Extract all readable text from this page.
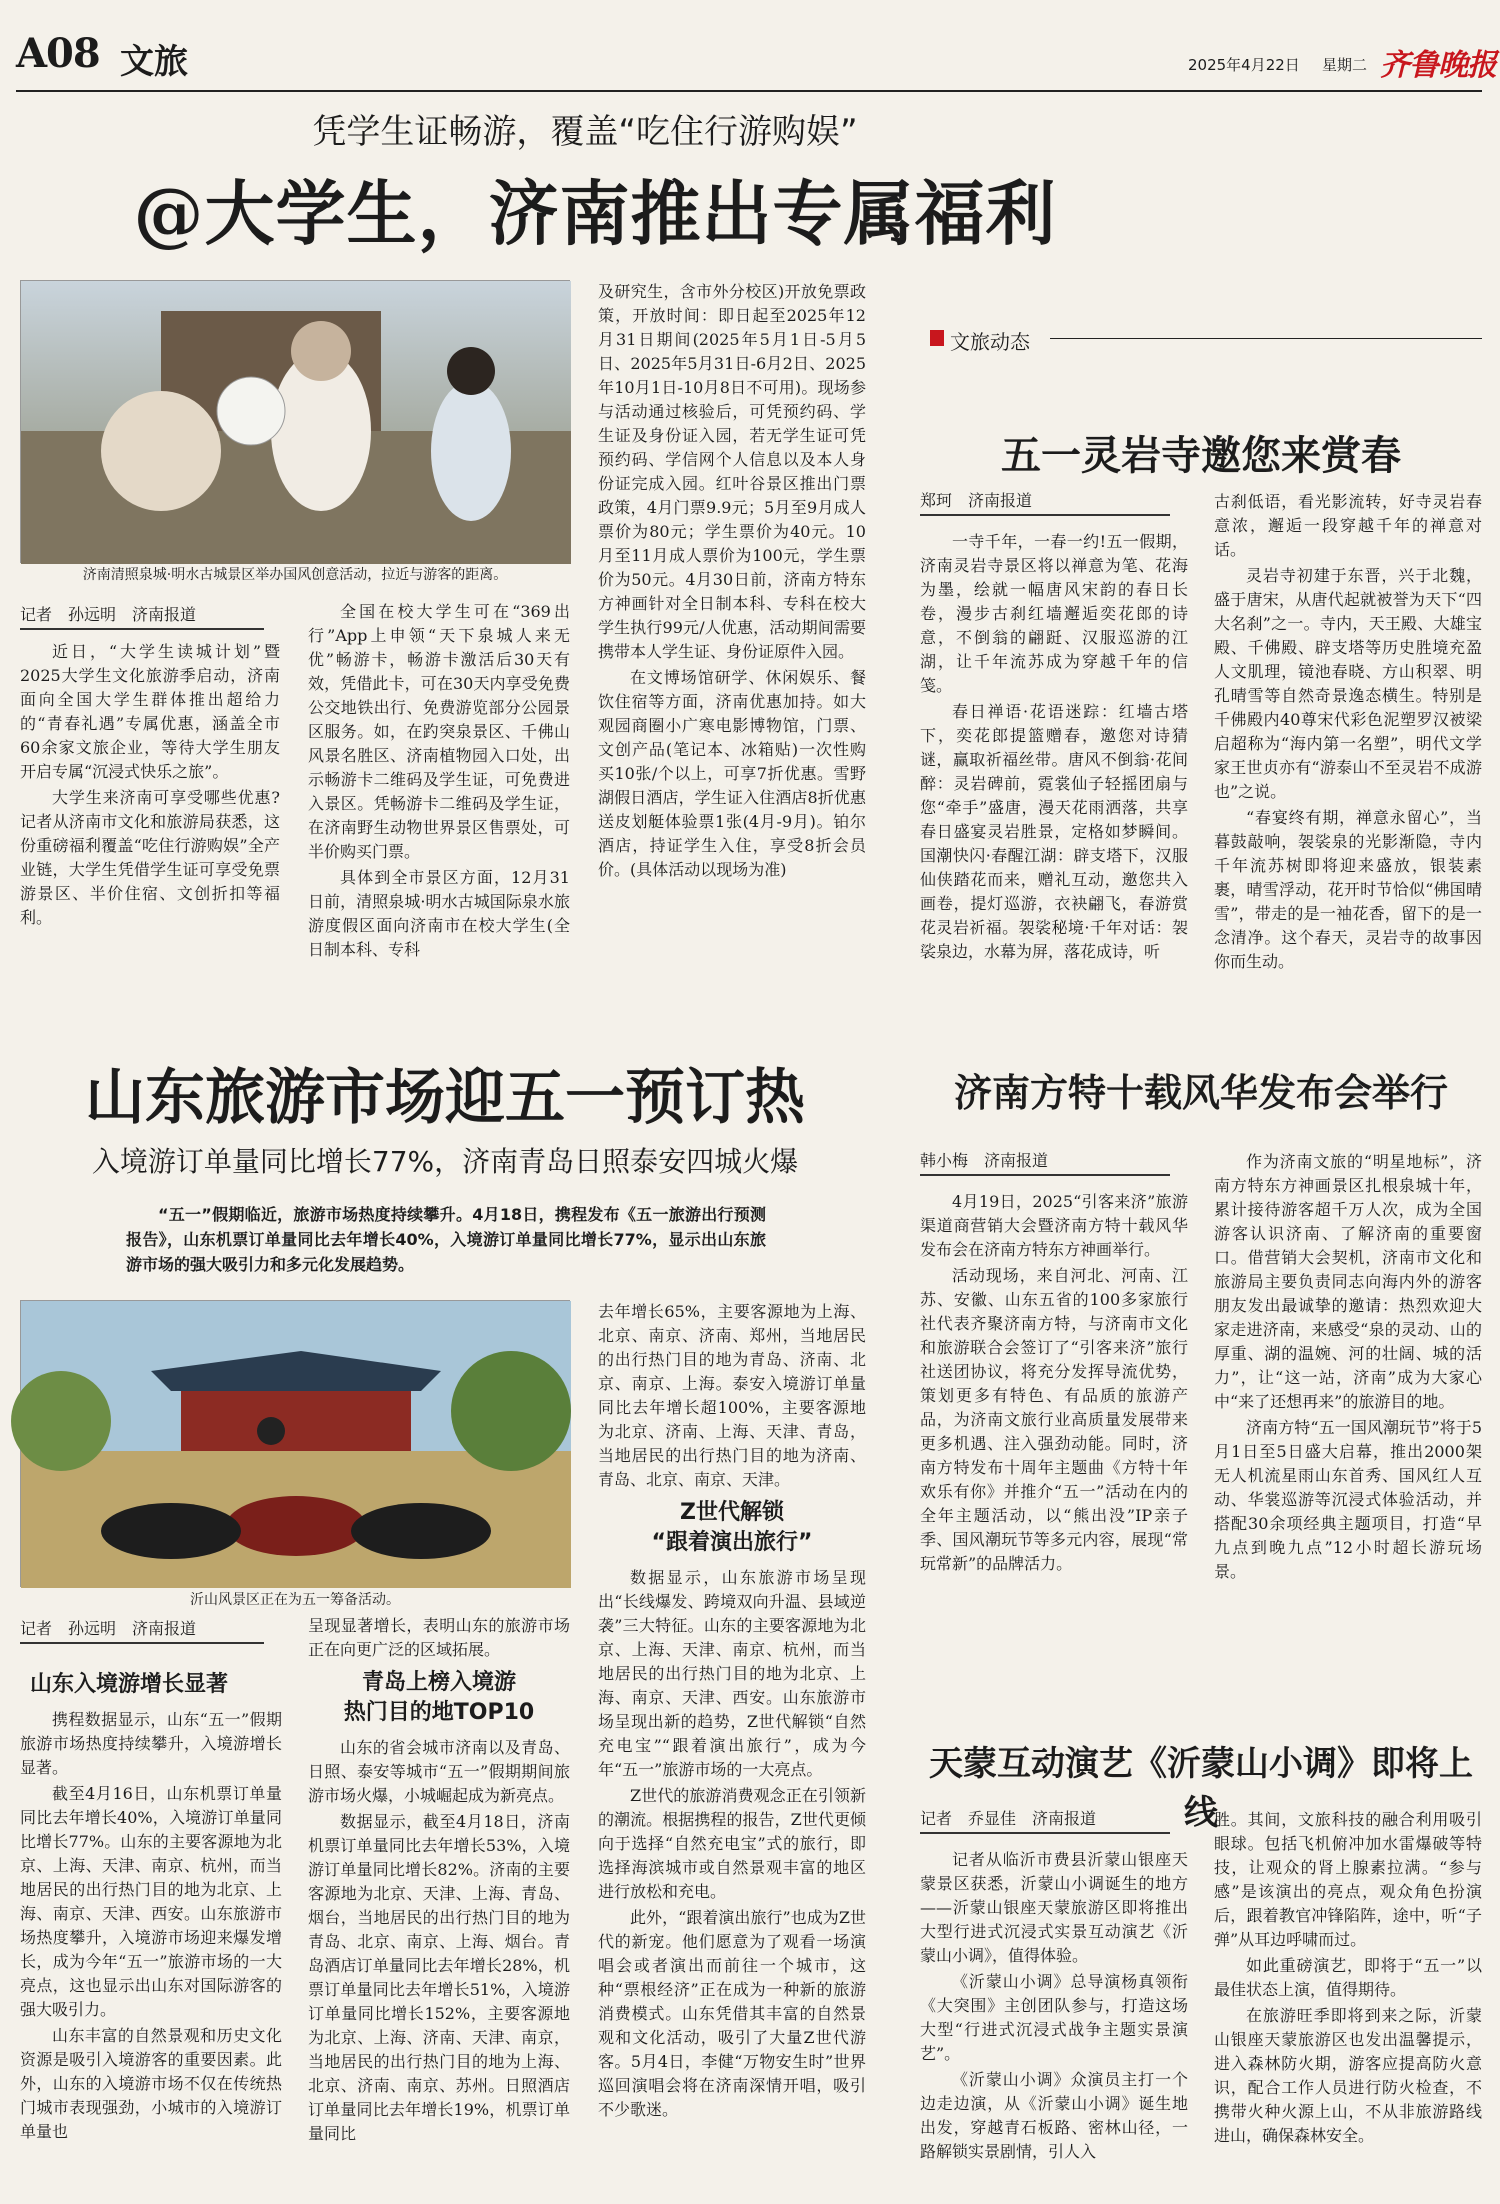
A08 文旅	2025年4月22日 星期二 齐鲁晚报
凭学生证畅游，覆盖“吃住行游购娱”
@大学生，济南推出专属福利
济南清照泉城·明水古城景区举办国风创意活动，拉近与游客的距离。
记者　孙远明　济南报道

近日，“大学生读城计划”暨2025大学生文化旅游季启动，济南面向全国大学生群体推出超给力的“青春礼遇”专属优惠，涵盖全市60余家文旅企业，等待大学生朋友开启专属“沉浸式快乐之旅”。

大学生来济南可享受哪些优惠?记者从济南市文化和旅游局获悉，这份重磅福利覆盖“吃住行游购娱”全产业链，大学生凭借学生证可享受免票游景区、半价住宿、文创折扣等福利。

全国在校大学生可在“369出行”App上申领“天下泉城人来无优”畅游卡，畅游卡激活后30天有效，凭借此卡，可在30天内享受免费公交地铁出行、免费游览部分公园景区服务。如，在趵突泉景区、千佛山风景名胜区、济南植物园入口处，出示畅游卡二维码及学生证，可免费进入景区。凭畅游卡二维码及学生证，在济南野生动物世界景区售票处，可半价购买门票。

具体到全市景区方面，12月31日前，清照泉城·明水古城国际泉水旅游度假区面向济南市在校大学生(全日制本科、专科

及研究生，含市外分校区)开放免票政策，开放时间：即日起至2025年12月31日期间(2025年5月1日-5月5日、2025年5月31日-6月2日、2025年10月1日-10月8日不可用)。现场参与活动通过核验后，可凭预约码、学生证及身份证入园，若无学生证可凭预约码、学信网个人信息以及本人身份证完成入园。红叶谷景区推出门票政策，4月门票9.9元；5月至9月成人票价为80元；学生票价为40元。10月至11月成人票价为100元，学生票价为50元。4月30日前，济南方特东方神画针对全日制本科、专科在校大学生执行99元/人优惠，活动期间需要携带本人学生证、身份证原件入园。

在文博场馆研学、休闲娱乐、餐饮住宿等方面，济南优惠加持。如大观园商圈小广寒电影博物馆，门票、文创产品(笔记本、冰箱贴)一次性购买10张/个以上，可享7折优惠。雪野湖假日酒店，学生证入住酒店8折优惠送皮划艇体验票1张(4月-9月)。铂尔酒店，持证学生入住，享受8折会员价。(具体活动以现场为准)

文旅动态
五一灵岩寺邀您来赏春
郑珂　济南报道

一寺千年，一春一约!五一假期，济南灵岩寺景区将以禅意为笔、花海为墨，绘就一幅唐风宋韵的春日长卷，漫步古刹红墙邂逅奕花郎的诗意，不倒翁的翩跹、汉服巡游的江湖，让千年流苏成为穿越千年的信笺。

春日禅语·花语迷踪：红墙古塔下，奕花郎提篮赠春，邀您对诗猜谜，赢取祈福丝带。唐风不倒翁·花间醉：灵岩碑前，霓裳仙子轻摇团扇与您“牵手”盛唐，漫天花雨洒落，共享春日盛宴灵岩胜景，定格如梦瞬间。国潮快闪·春醒江湖：辟支塔下，汉服仙侠踏花而来，赠礼互动，邀您共入画卷，提灯巡游，衣袂翩飞，春游赏花灵岩祈福。袈裟秘境·千年对话：袈裟泉边，水幕为屏，落花成诗，听

古刹低语，看光影流转，好寺灵岩春意浓，邂逅一段穿越千年的禅意对话。

灵岩寺初建于东晋，兴于北魏，盛于唐宋，从唐代起就被誉为天下“四大名刹”之一。寺内，天王殿、大雄宝殿、千佛殿、辟支塔等历史胜境充盈人文肌理，镜池春晓、方山积翠、明孔晴雪等自然奇景逸态横生。特别是千佛殿内40尊宋代彩色泥塑罗汉被梁启超称为“海内第一名塑”，明代文学家王世贞亦有“游泰山不至灵岩不成游也”之说。

“春宴终有期，禅意永留心”，当暮鼓敲响，袈裟泉的光影渐隐，寺内千年流苏树即将迎来盛放，银装素裹，晴雪浮动，花开时节恰似“佛国晴雪”，带走的是一袖花香，留下的是一念清净。这个春天，灵岩寺的故事因你而生动。

山东旅游市场迎五一预订热
入境游订单量同比增长77%，济南青岛日照泰安四城火爆
“五一”假期临近，旅游市场热度持续攀升。4月18日，携程发布《五一旅游出行预测报告》，山东机票订单量同比去年增长40%，入境游订单量同比增长77%，显示出山东旅游市场的强大吸引力和多元化发展趋势。
沂山风景区正在为五一筹备活动。
记者　孙远明　济南报道
山东入境游增长显著

携程数据显示，山东“五一”假期旅游市场热度持续攀升，入境游增长显著。

截至4月16日，山东机票订单量同比去年增长40%，入境游订单量同比增长77%。山东的主要客源地为北京、上海、天津、南京、杭州，而当地居民的出行热门目的地为北京、上海、南京、天津、西安。山东旅游市场热度攀升，入境游市场迎来爆发增长，成为今年“五一”旅游市场的一大亮点，这也显示出山东对国际游客的强大吸引力。

山东丰富的自然景观和历史文化资源是吸引入境游客的重要因素。此外，山东的入境游市场不仅在传统热门城市表现强劲，小城市的入境游订单量也

呈现显著增长，表明山东的旅游市场正在向更广泛的区域拓展。

青岛上榜入境游
热门目的地TOP10

山东的省会城市济南以及青岛、日照、泰安等城市“五一”假期期间旅游市场火爆，小城崛起成为新亮点。

数据显示，截至4月18日，济南机票订单量同比去年增长53%，入境游订单量同比增长82%。济南的主要客源地为北京、天津、上海、青岛、烟台，当地居民的出行热门目的地为青岛、北京、南京、上海、烟台。青岛酒店订单量同比去年增长28%，机票订单量同比去年增长51%，入境游订单量同比增长152%，主要客源地为北京、上海、济南、天津、南京，当地居民的出行热门目的地为上海、北京、济南、南京、苏州。日照酒店订单量同比去年增长19%，机票订单量同比

去年增长65%，主要客源地为上海、北京、南京、济南、郑州，当地居民的出行热门目的地为青岛、济南、北京、南京、上海。泰安入境游订单量同比去年增长超100%，主要客源地为北京、济南、上海、天津、青岛，当地居民的出行热门目的地为济南、青岛、北京、南京、天津。

Z世代解锁
“跟着演出旅行”

数据显示，山东旅游市场呈现出“长线爆发、跨境双向升温、县域逆袭”三大特征。山东的主要客源地为北京、上海、天津、南京、杭州，而当地居民的出行热门目的地为北京、上海、南京、天津、西安。山东旅游市场呈现出新的趋势，Z世代解锁“自然充电宝”“跟着演出旅行”，成为今年“五一”旅游市场的一大亮点。

Z世代的旅游消费观念正在引领新的潮流。根据携程的报告，Z世代更倾向于选择“自然充电宝”式的旅行，即选择海滨城市或自然景观丰富的地区进行放松和充电。

此外，“跟着演出旅行”也成为Z世代的新宠。他们愿意为了观看一场演唱会或者演出而前往一个城市，这种“票根经济”正在成为一种新的旅游消费模式。山东凭借其丰富的自然景观和文化活动，吸引了大量Z世代游客。5月4日，李健“万物安生时”世界巡回演唱会将在济南深情开唱，吸引不少歌迷。

济南方特十载风华发布会举行
韩小梅　济南报道

4月19日，2025“引客来济”旅游渠道商营销大会暨济南方特十载风华发布会在济南方特东方神画举行。

活动现场，来自河北、河南、江苏、安徽、山东五省的100多家旅行社代表齐聚济南方特，与济南市文化和旅游联合会签订了“引客来济”旅行社送团协议，将充分发挥导流优势，策划更多有特色、有品质的旅游产品，为济南文旅行业高质量发展带来更多机遇、注入强劲动能。同时，济南方特发布十周年主题曲《方特十年欢乐有你》并推介“五一”活动在内的全年主题活动，以“熊出没”IP亲子季、国风潮玩节等多元内容，展现“常玩常新”的品牌活力。

作为济南文旅的“明星地标”，济南方特东方神画景区扎根泉城十年，累计接待游客超千万人次，成为全国游客认识济南、了解济南的重要窗口。借营销大会契机，济南市文化和旅游局主要负责同志向海内外的游客朋友发出最诚挚的邀请：热烈欢迎大家走进济南，来感受“泉的灵动、山的厚重、湖的温婉、河的壮阔、城的活力”，让“这一站，济南”成为大家心中“来了还想再来”的旅游目的地。

济南方特“五一国风潮玩节”将于5月1日至5日盛大启幕，推出2000架无人机流星雨山东首秀、国风红人互动、华裳巡游等沉浸式体验活动，并搭配30余项经典主题项目，打造“早九点到晚九点”12小时超长游玩场景。

天蒙互动演艺《沂蒙山小调》即将上线
记者　乔显佳　济南报道

记者从临沂市费县沂蒙山银座天蒙景区获悉，沂蒙山小调诞生的地方——沂蒙山银座天蒙旅游区即将推出大型行进式沉浸式实景互动演艺《沂蒙山小调》，值得体验。

《沂蒙山小调》总导演杨真领衔《大突围》主创团队参与，打造这场大型“行进式沉浸式战争主题实景演艺”。

《沂蒙山小调》众演员主打一个边走边演，从《沂蒙山小调》诞生地出发，穿越青石板路、密林山径，一路解锁实景剧情，引人入

胜。其间，文旅科技的融合利用吸引眼球。包括飞机俯冲加水雷爆破等特技，让观众的肾上腺素拉满。“参与感”是该演出的亮点，观众角色扮演后，跟着教官冲锋陷阵，途中，听“子弹”从耳边呼啸而过。

如此重磅演艺，即将于“五一”以最佳状态上演，值得期待。

在旅游旺季即将到来之际，沂蒙山银座天蒙旅游区也发出温馨提示，进入森林防火期，游客应提高防火意识，配合工作人员进行防火检查，不携带火种火源上山，不从非旅游路线进山，确保森林安全。
